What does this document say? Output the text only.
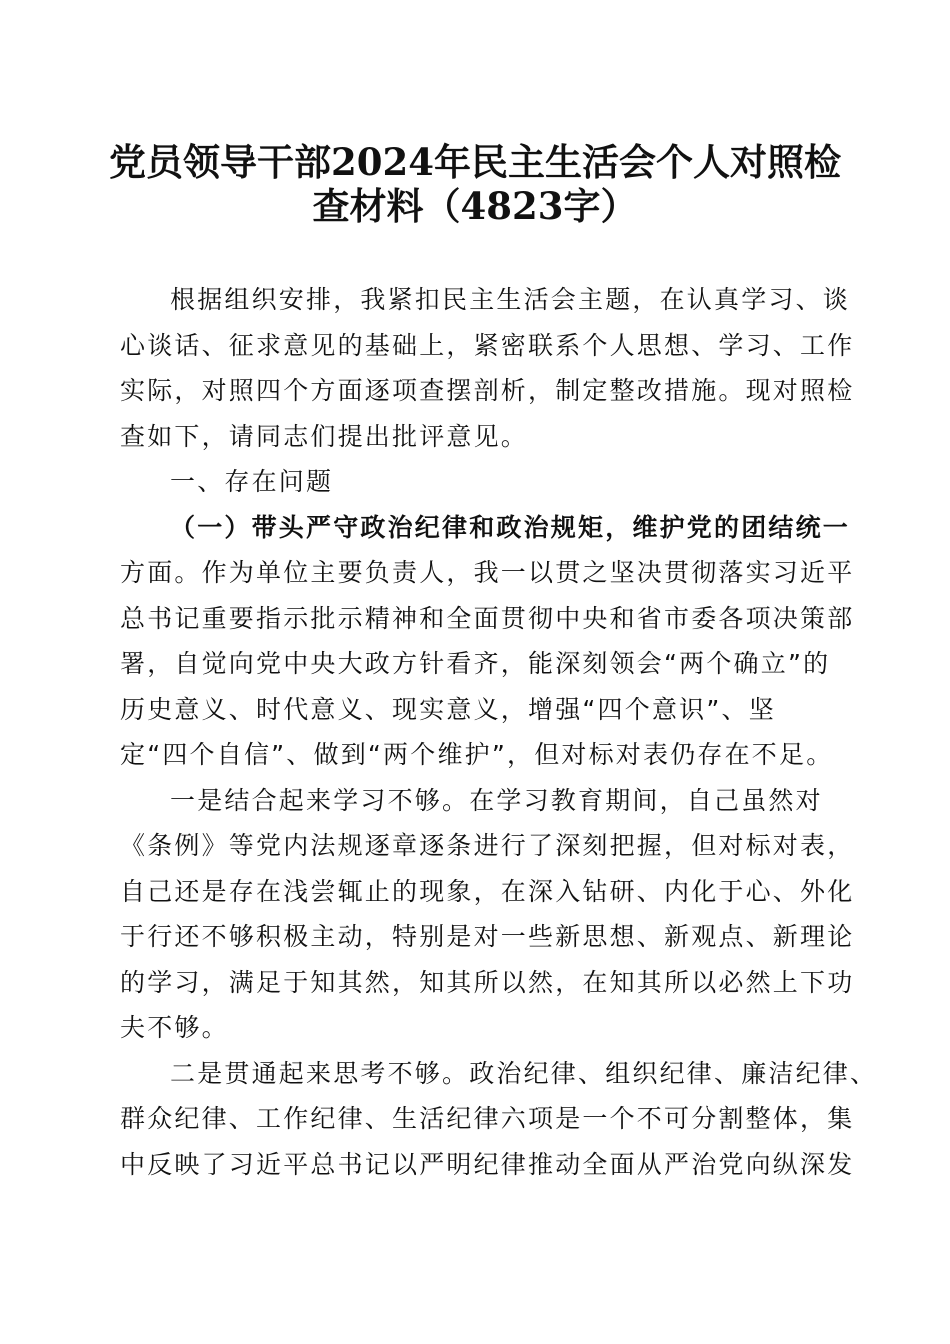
党员领导干部2024年民主生活会个人对照检
查材料（4823字）
根据组织安排，我紧扣民主生活会主题，在认真学习、谈
心谈话、征求意见的基础上，紧密联系个人思想、学习、工作
实际，对照四个方面逐项查摆剖析，制定整改措施。现对照检
查如下，请同志们提出批评意见。
一、存在问题
（一）带头严守政治纪律和政治规矩，维护党的团结统一
方面。作为单位主要负责人，我一以贯之坚决贯彻落实习近平
总书记重要指示批示精神和全面贯彻中央和省市委各项决策部
署，自觉向党中央大政方针看齐，能深刻领会“两个确立”的
历史意义、时代意义、现实意义，增强“四个意识”、坚
定“四个自信”、做到“两个维护”，但对标对表仍存在不足。
一是结合起来学习不够。在学习教育期间，自己虽然对
《条例》等党内法规逐章逐条进行了深刻把握，但对标对表，
自己还是存在浅尝辄止的现象，在深入钻研、内化于心、外化
于行还不够积极主动，特别是对一些新思想、新观点、新理论
的学习，满足于知其然，知其所以然，在知其所以必然上下功
夫不够。
二是贯通起来思考不够。政治纪律、组织纪律、廉洁纪律、
群众纪律、工作纪律、生活纪律六项是一个不可分割整体，集
中反映了习近平总书记以严明纪律推动全面从严治党向纵深发
